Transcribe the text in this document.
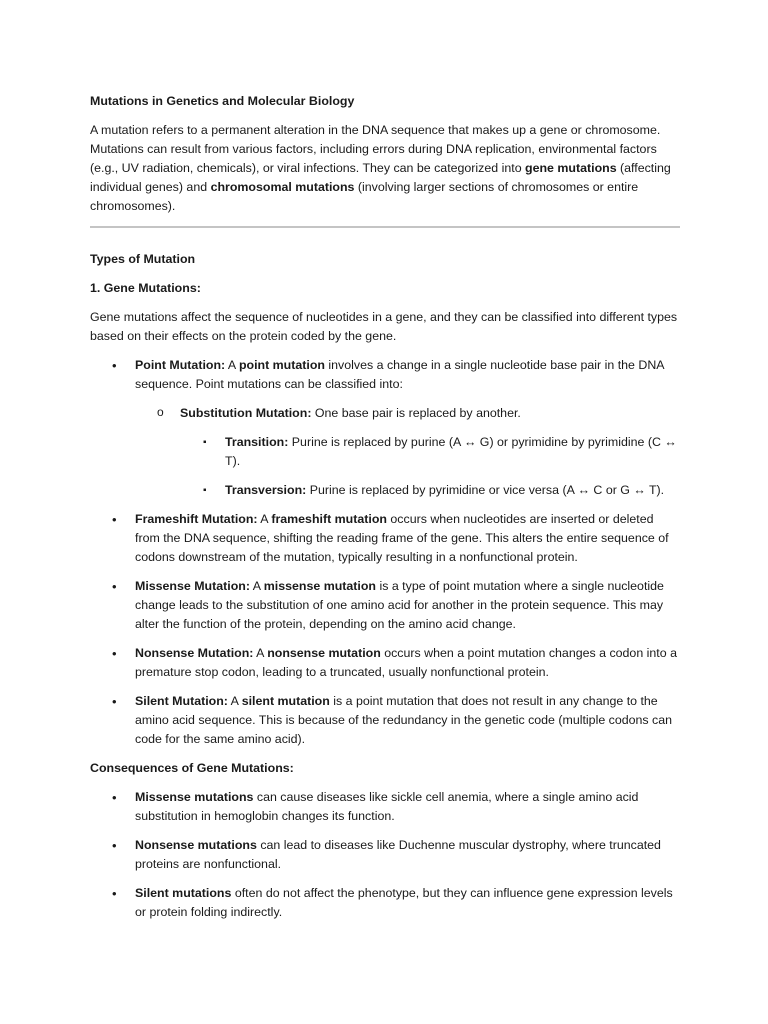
Mutations in Genetics and Molecular Biology

A mutation refers to a permanent alteration in the DNA sequence that makes up a gene or chromosome. Mutations can result from various factors, including errors during DNA replication, environmental factors (e.g., UV radiation, chemicals), or viral infections. They can be categorized into gene mutations (affecting individual genes) and chromosomal mutations (involving larger sections of chromosomes or entire chromosomes).

Types of Mutation

1. Gene Mutations:

Gene mutations affect the sequence of nucleotides in a gene, and they can be classified into different types based on their effects on the protein coded by the gene.

• Point Mutation: A point mutation involves a change in a single nucleotide base pair in the DNA sequence. Point mutations can be classified into:
o Substitution Mutation: One base pair is replaced by another.
▪ Transition: Purine is replaced by purine (A ↔ G) or pyrimidine by pyrimidine (C ↔ T).
▪ Transversion: Purine is replaced by pyrimidine or vice versa (A ↔ C or G ↔ T).
• Frameshift Mutation: A frameshift mutation occurs when nucleotides are inserted or deleted from the DNA sequence, shifting the reading frame of the gene. This alters the entire sequence of codons downstream of the mutation, typically resulting in a nonfunctional protein.
• Missense Mutation: A missense mutation is a type of point mutation where a single nucleotide change leads to the substitution of one amino acid for another in the protein sequence. This may alter the function of the protein, depending on the amino acid change.
• Nonsense Mutation: A nonsense mutation occurs when a point mutation changes a codon into a premature stop codon, leading to a truncated, usually nonfunctional protein.
• Silent Mutation: A silent mutation is a point mutation that does not result in any change to the amino acid sequence. This is because of the redundancy in the genetic code (multiple codons can code for the same amino acid).

Consequences of Gene Mutations:

• Missense mutations can cause diseases like sickle cell anemia, where a single amino acid substitution in hemoglobin changes its function.
• Nonsense mutations can lead to diseases like Duchenne muscular dystrophy, where truncated proteins are nonfunctional.
• Silent mutations often do not affect the phenotype, but they can influence gene expression levels or protein folding indirectly.
